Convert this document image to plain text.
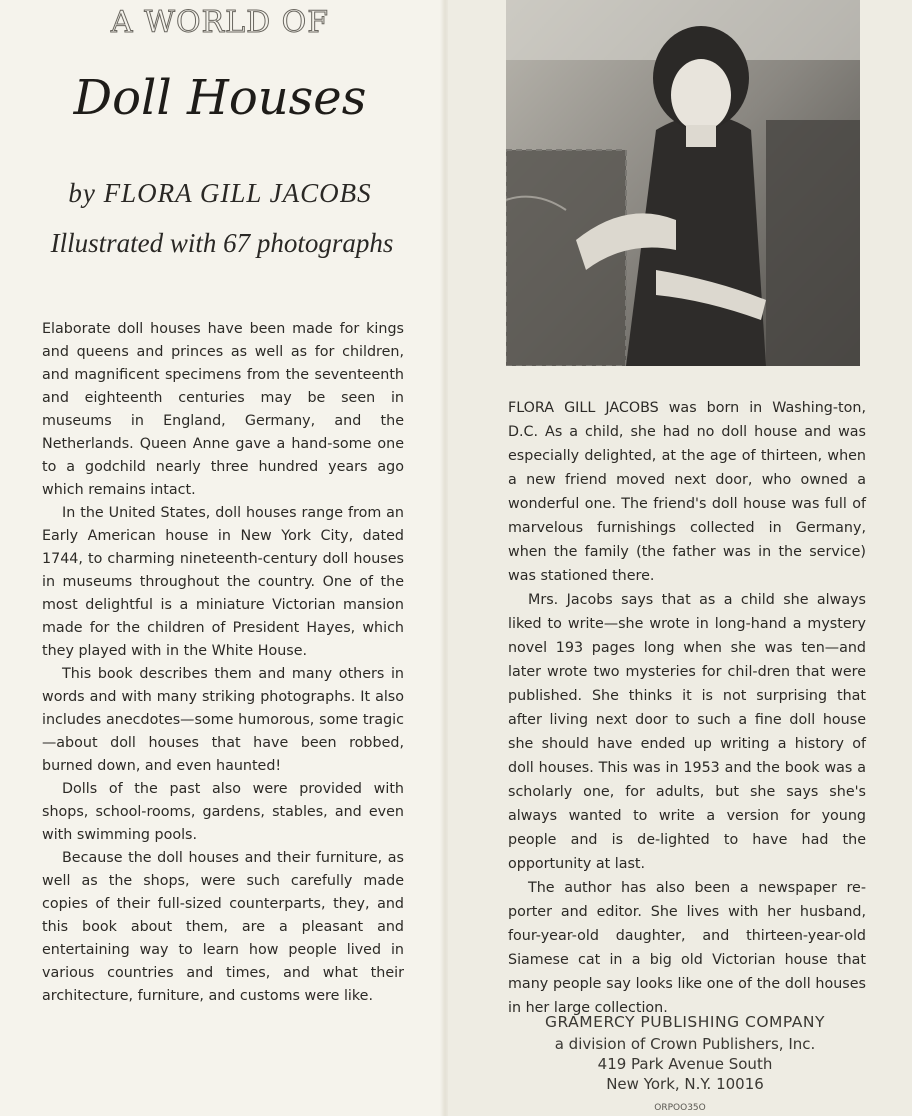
A WORLD OF
Doll Houses
by FLORA GILL JACOBS
Illustrated with 67 photographs

Elaborate doll houses have been made for kings and queens and princes as well as for children, and magnificent specimens from the seventeenth and eighteenth centuries may be seen in museums in England, Germany, and the Netherlands. Queen Anne gave a hand-some one to a godchild nearly three hundred years ago which remains intact.

In the United States, doll houses range from an Early American house in New York City, dated 1744, to charming nineteenth-century doll houses in museums throughout the country. One of the most delightful is a miniature Victorian mansion made for the children of President Hayes, which they played with in the White House.

This book describes them and many others in words and with many striking photographs. It also includes anecdotes—some humorous, some tragic—about doll houses that have been robbed, burned down, and even haunted!

Dolls of the past also were provided with shops, school-rooms, gardens, stables, and even with swimming pools.

Because the doll houses and their furniture, as well as the shops, were such carefully made copies of their full-sized counterparts, they, and this book about them, are a pleasant and entertaining way to learn how people lived in various countries and times, and what their architecture, furniture, and customs were like.

FLORA GILL JACOBS was born in Washing-ton, D.C. As a child, she had no doll house and was especially delighted, at the age of thirteen, when a new friend moved next door, who owned a wonderful one. The friend's doll house was full of marvelous furnishings collected in Germany, when the family (the father was in the service) was stationed there.

Mrs. Jacobs says that as a child she always liked to write—she wrote in long-hand a mystery novel 193 pages long when she was ten—and later wrote two mysteries for chil-dren that were published. She thinks it is not surprising that after living next door to such a fine doll house she should have ended up writing a history of doll houses. This was in 1953 and the book was a scholarly one, for adults, but she says she's always wanted to write a version for young people and is de-lighted to have had the opportunity at last.

The author has also been a newspaper re-porter and editor. She lives with her husband, four-year-old daughter, and thirteen-year-old Siamese cat in a big old Victorian house that many people say looks like one of the doll houses in her large collection.

GRAMERCY PUBLISHING COMPANY
a division of Crown Publishers, Inc.
419 Park Avenue South
New York, N.Y. 10016
ORPOO35O
